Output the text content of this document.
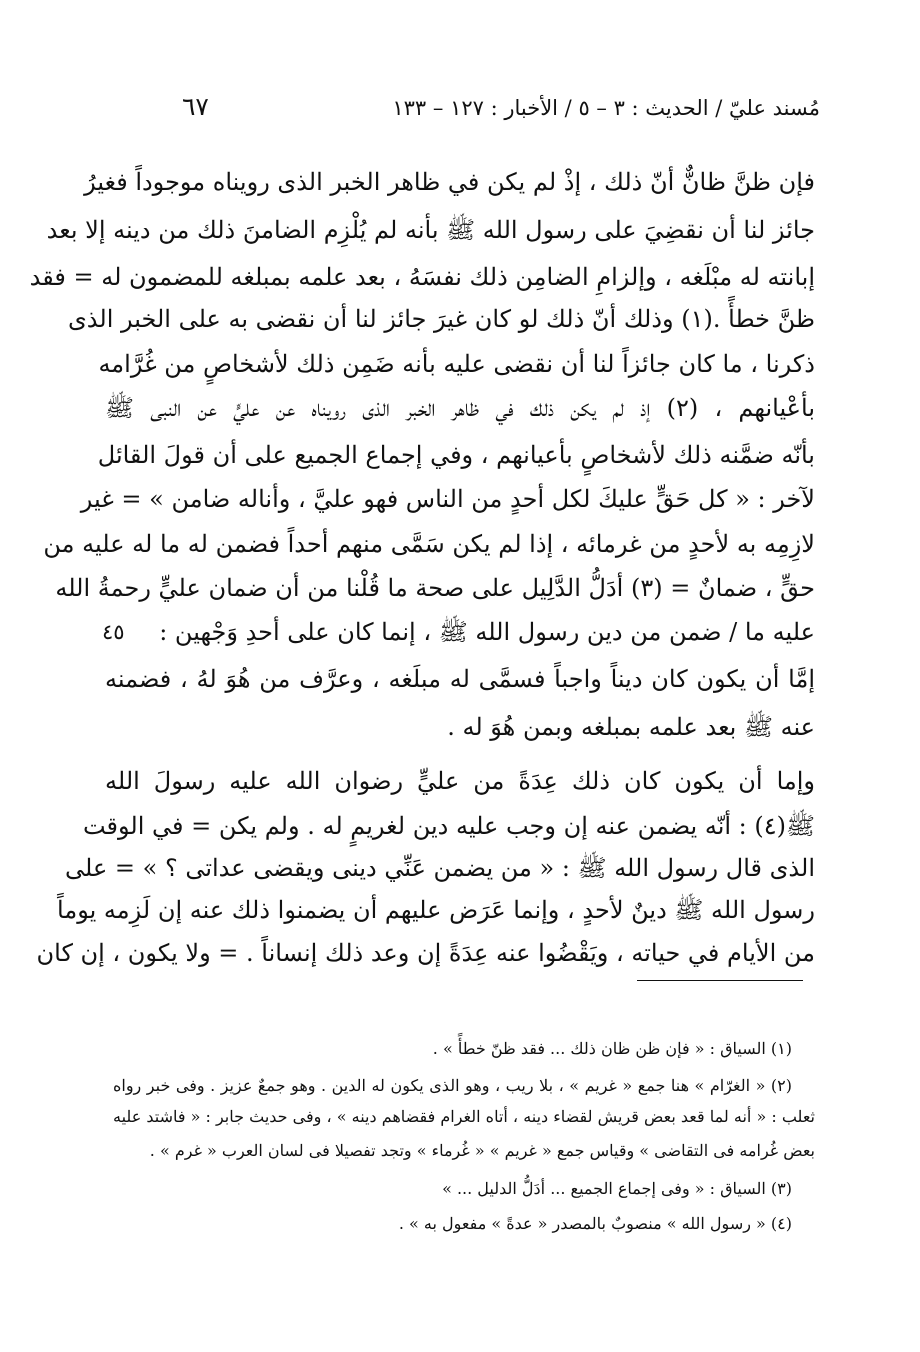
مُسند عليّ / الحديث : ٣ – ٥ / الأخبار : ١٢٧ – ١٣٣
٦٧
فإن ظنَّ ظانٌّ أنّ ذلك ، إذْ لم يكن في ظاهر الخبر الذى رويناه موجوداً فغيرُ
جائز لنا أن نقضِيَ على رسول الله ﷺ بأنه لم يُلْزِم الضامنَ ذلك من دينه إلا بعد
إبانته له مبْلَغه ، وإلزامِ الضامِن ذلك نفسَهُ ، بعد علمه بمبلغه للمضمون له = فقد
ظنَّ خطأً .(١) وذلك أنّ ذلك لو كان غيرَ جائز لنا أن نقضى به على الخبر الذى
ذكرنا ، ما كان جائزاً لنا أن نقضى عليه بأنه ضَمِن ذلك لأشخاصٍ من غُرَّامه
بأعْيانهم ، (٢) إذ لم يكن ذلك في ظاهر الخبر الذى رويناه عن عليٍّ عن النبى ﷺ
بأنّه ضمَّنه ذلك لأشخاصٍ بأعيانهم ، وفي إجماع الجميع على أن قولَ القائل
لآخر : « كل حَقٍّ عليكَ لكل أحدٍ من الناس فهو عليَّ ، وأناله ضامن » = غير
لازِمِه به لأحدٍ من غرمائه ، إذا لم يكن سَمَّى منهم أحداً فضمن له ما له عليه من
حقٍّ ، ضمانٌ = (٣) أدَلُّ الدَّلِيل على صحة ما قُلْنا من أن ضمان عليٍّ رحمةُ الله
عليه ما / ضمن من دين رسول الله ﷺ ، إنما كان على أحدِ وَجْهين :
٤٥
إمَّا أن يكون كان ديناً واجباً فسمَّى له مبلَغه ، وعرَّف من هُوَ لهُ ، فضمنه
عنه ﷺ بعد علمه بمبلغه وبمن هُوَ له .
وإما أن يكون كان ذلك عِدَةً من عليٍّ رضوان الله عليه رسولَ الله
ﷺ(٤) : أنّه يضمن عنه إن وجب عليه دين لغريمٍ له . ولم يكن = في الوقت
الذى قال رسول الله ﷺ : « من يضمن عَنِّي دينى ويقضى عداتى ؟ » = على
رسول الله ﷺ دينٌ لأحدٍ ، وإنما عَرَض عليهم أن يضمنوا ذلك عنه إن لَزِمه يوماً
من الأيام في حياته ، ويَقْضُوا عنه عِدَةً إن وعد ذلك إنساناً . = ولا يكون ، إن كان
(١) السياق : « فإن ظن ظان ذلك ... فقد ظنّ خطأً » .
(٢) « الغرّام » هنا جمع « غريم » ، بلا ريب ، وهو الذى يكون له الدين . وهو جمعٌ عزيز . وفى خبر رواه
ثعلب : « أنه لما قعد بعض قريش لقضاء دينه ، أتاه الغرام فقضاهم دينه » ، وفى حديث جابر : « فاشتد عليه
بعض غُرامه فى التقاضى » وقياس جمع « غريم » « غُرماء » وتجد تفصيلا فى لسان العرب « غرم » .
(٣) السياق : « وفى إجماع الجميع ... أدَلُّ الدليل ... »
(٤) « رسول الله » منصوبٌ بالمصدر « عدةً » مفعول به » .
